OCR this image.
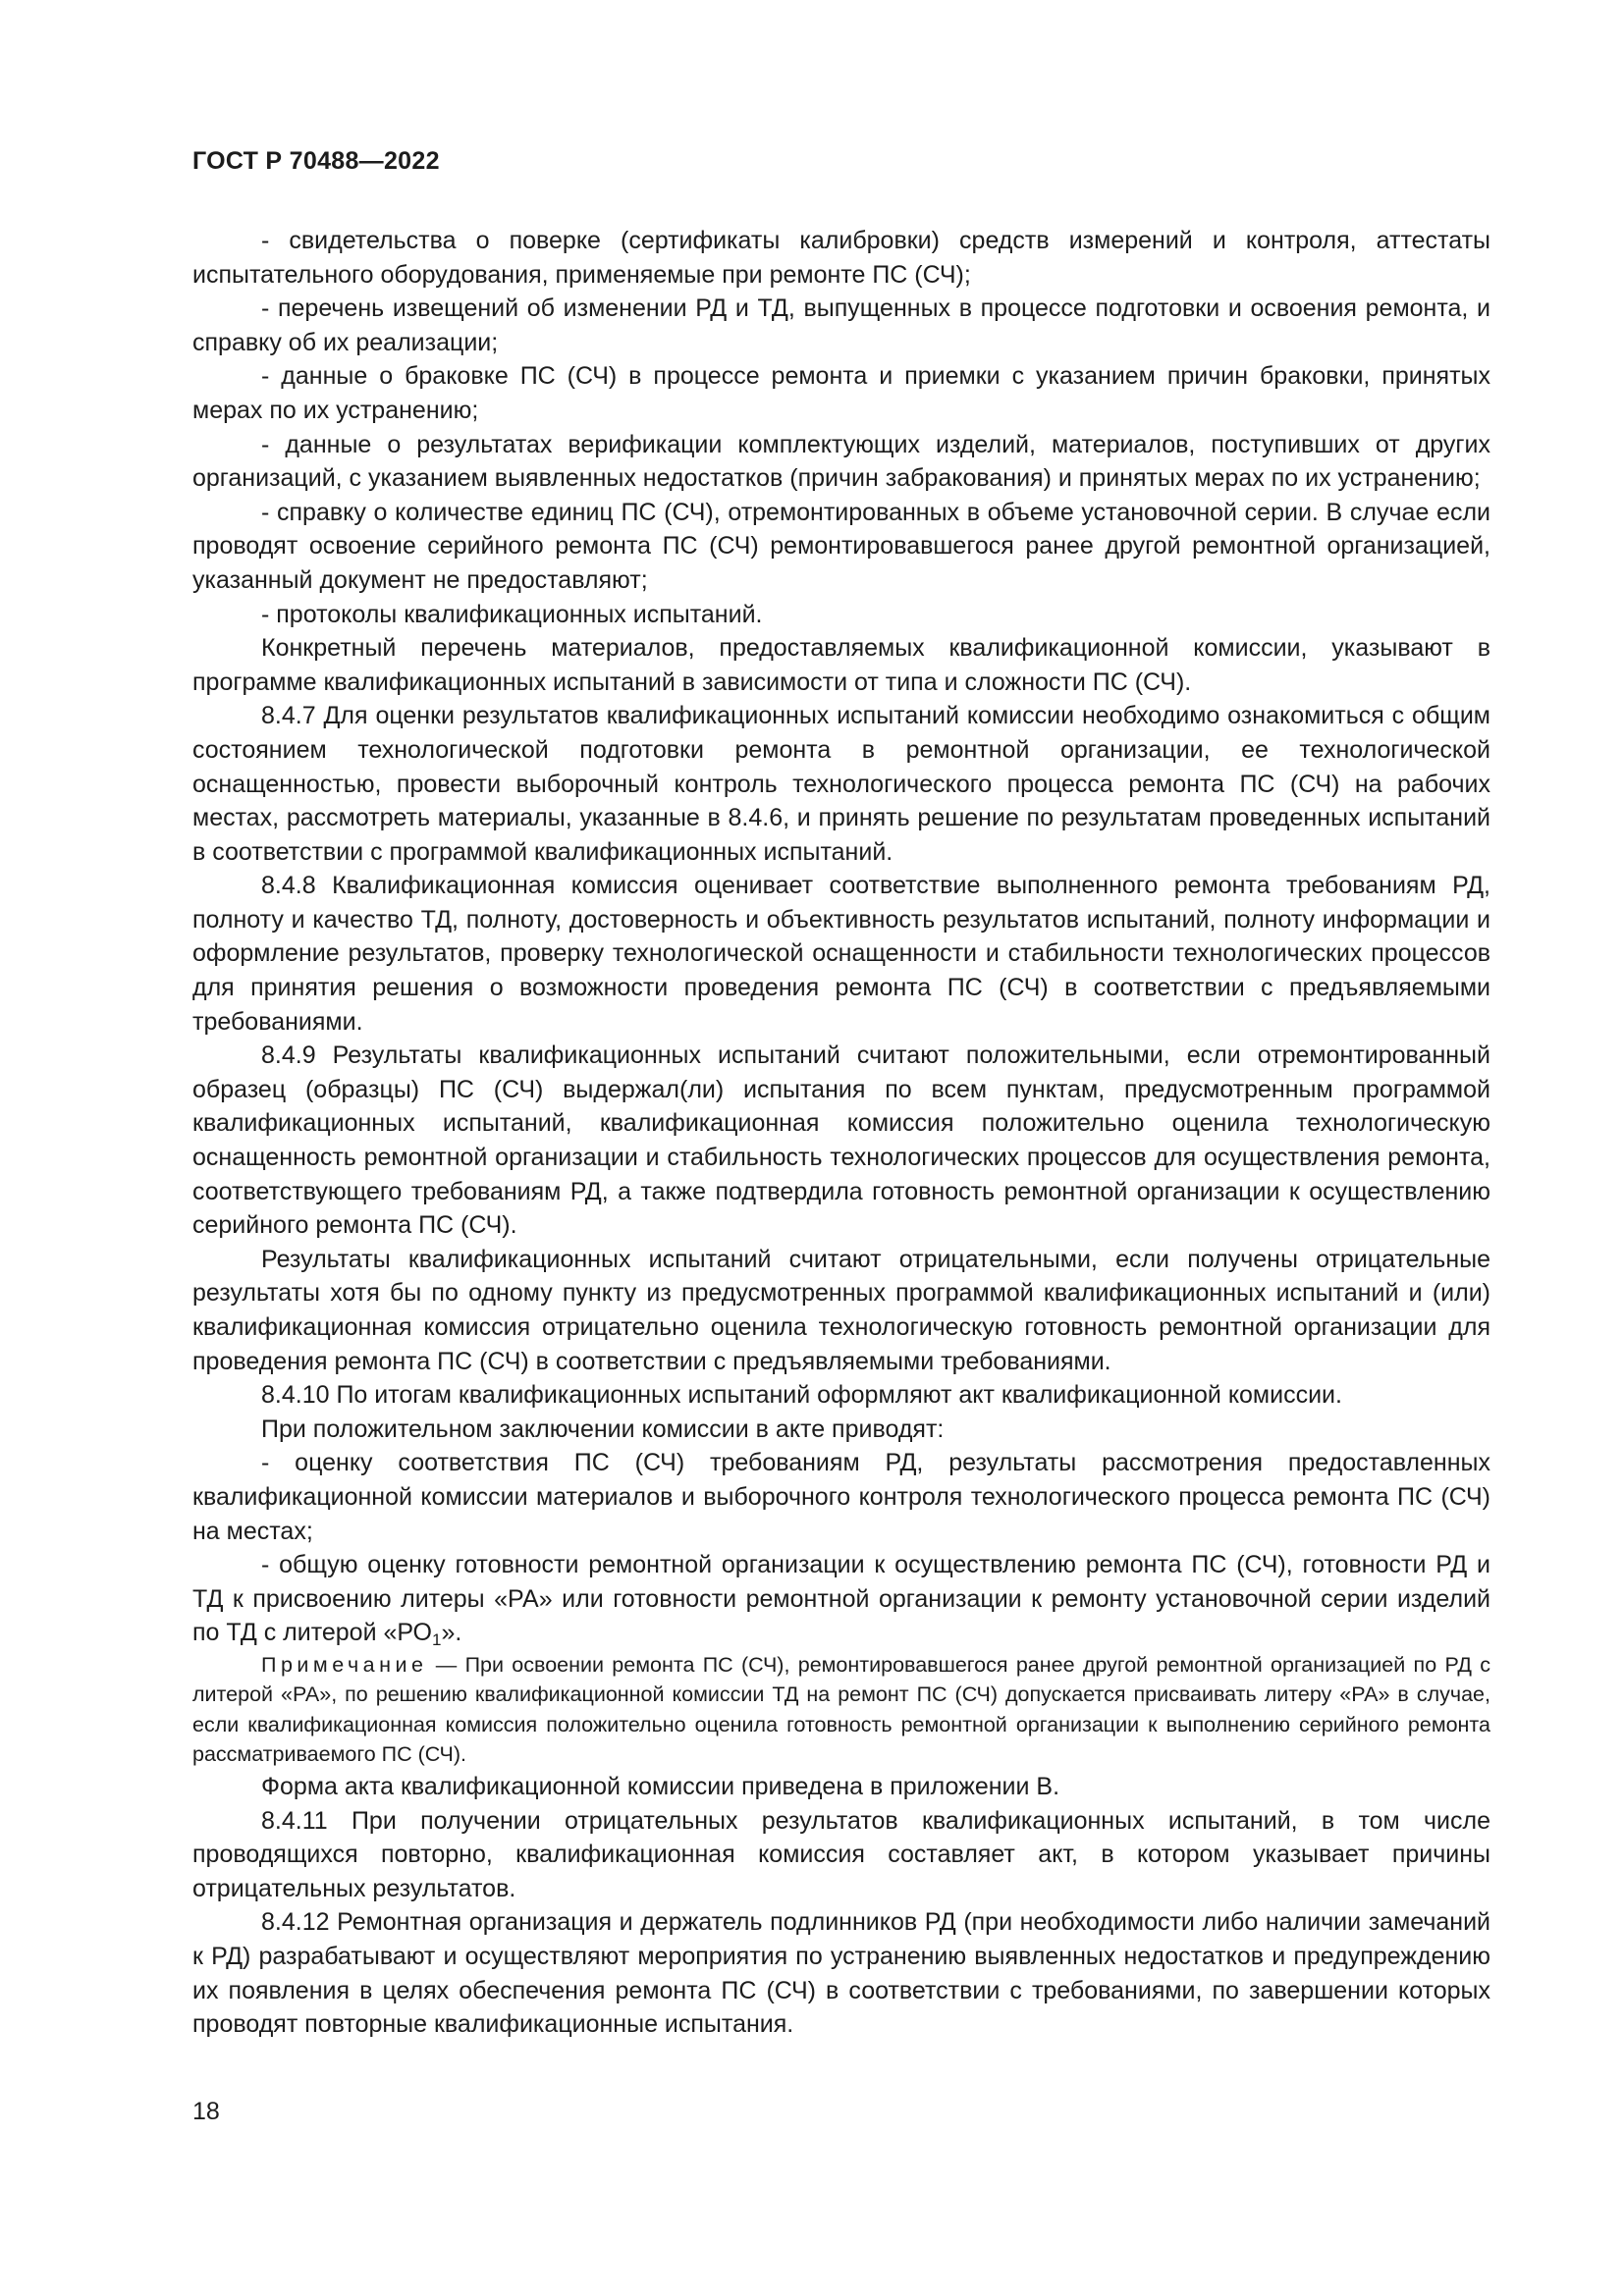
ГОСТ Р 70488—2022

- свидетельства о поверке (сертификаты калибровки) средств измерений и контроля, аттестаты испытательного оборудования, применяемые при ремонте ПС (СЧ);

- перечень извещений об изменении РД и ТД, выпущенных в процессе подготовки и освоения ремонта, и справку об их реализации;

- данные о браковке ПС (СЧ) в процессе ремонта и приемки с указанием причин браковки, принятых мерах по их устранению;

- данные о результатах верификации комплектующих изделий, материалов, поступивших от других организаций, с указанием выявленных недостатков (причин забракования) и принятых мерах по их устранению;

- справку о количестве единиц ПС (СЧ), отремонтированных в объеме установочной серии. В случае если проводят освоение серийного ремонта ПС (СЧ) ремонтировавшегося ранее другой ремонтной организацией, указанный документ не предоставляют;

- протоколы квалификационных испытаний.

Конкретный перечень материалов, предоставляемых квалификационной комиссии, указывают в программе квалификационных испытаний в зависимости от типа и сложности ПС (СЧ).

8.4.7 Для оценки результатов квалификационных испытаний комиссии необходимо ознакомиться с общим состоянием технологической подготовки ремонта в ремонтной организации, ее технологической оснащенностью, провести выборочный контроль технологического процесса ремонта ПС (СЧ) на рабочих местах, рассмотреть материалы, указанные в 8.4.6, и принять решение по результатам проведенных испытаний в соответствии с программой квалификационных испытаний.

8.4.8 Квалификационная комиссия оценивает соответствие выполненного ремонта требованиям РД, полноту и качество ТД, полноту, достоверность и объективность результатов испытаний, полноту информации и оформление результатов, проверку технологической оснащенности и стабильности технологических процессов для принятия решения о возможности проведения ремонта ПС (СЧ) в соответствии с предъявляемыми требованиями.

8.4.9 Результаты квалификационных испытаний считают положительными, если отремонтированный образец (образцы) ПС (СЧ) выдержал(ли) испытания по всем пунктам, предусмотренным программой квалификационных испытаний, квалификационная комиссия положительно оценила технологическую оснащенность ремонтной организации и стабильность технологических процессов для осуществления ремонта, соответствующего требованиям РД, а также подтвердила готовность ремонтной организации к осуществлению серийного ремонта ПС (СЧ).

Результаты квалификационных испытаний считают отрицательными, если получены отрицательные результаты хотя бы по одному пункту из предусмотренных программой квалификационных испытаний и (или) квалификационная комиссия отрицательно оценила технологическую готовность ремонтной организации для проведения ремонта ПС (СЧ) в соответствии с предъявляемыми требованиями.

8.4.10 По итогам квалификационных испытаний оформляют акт квалификационной комиссии.

При положительном заключении комиссии в акте приводят:

- оценку соответствия ПС (СЧ) требованиям РД, результаты рассмотрения предоставленных квалификационной комиссии материалов и выборочного контроля технологического процесса ремонта ПС (СЧ) на местах;

- общую оценку готовности ремонтной организации к осуществлению ремонта ПС (СЧ), готовности РД и ТД к присвоению литеры «РА» или готовности ремонтной организации к ремонту установочной серии изделий по ТД с литерой «$РО_1$».

Примечание — При освоении ремонта ПС (СЧ), ремонтировавшегося ранее другой ремонтной организацией по РД с литерой «РА», по решению квалификационной комиссии ТД на ремонт ПС (СЧ) допускается присваивать литеру «РА» в случае, если квалификационная комиссия положительно оценила готовность ремонтной организации к выполнению серийного ремонта рассматриваемого ПС (СЧ).

Форма акта квалификационной комиссии приведена в приложении В.

8.4.11 При получении отрицательных результатов квалификационных испытаний, в том числе проводящихся повторно, квалификационная комиссия составляет акт, в котором указывает причины отрицательных результатов.

8.4.12 Ремонтная организация и держатель подлинников РД (при необходимости либо наличии замечаний к РД) разрабатывают и осуществляют мероприятия по устранению выявленных недостатков и предупреждению их появления в целях обеспечения ремонта ПС (СЧ) в соответствии с требованиями, по завершении которых проводят повторные квалификационные испытания.

18
